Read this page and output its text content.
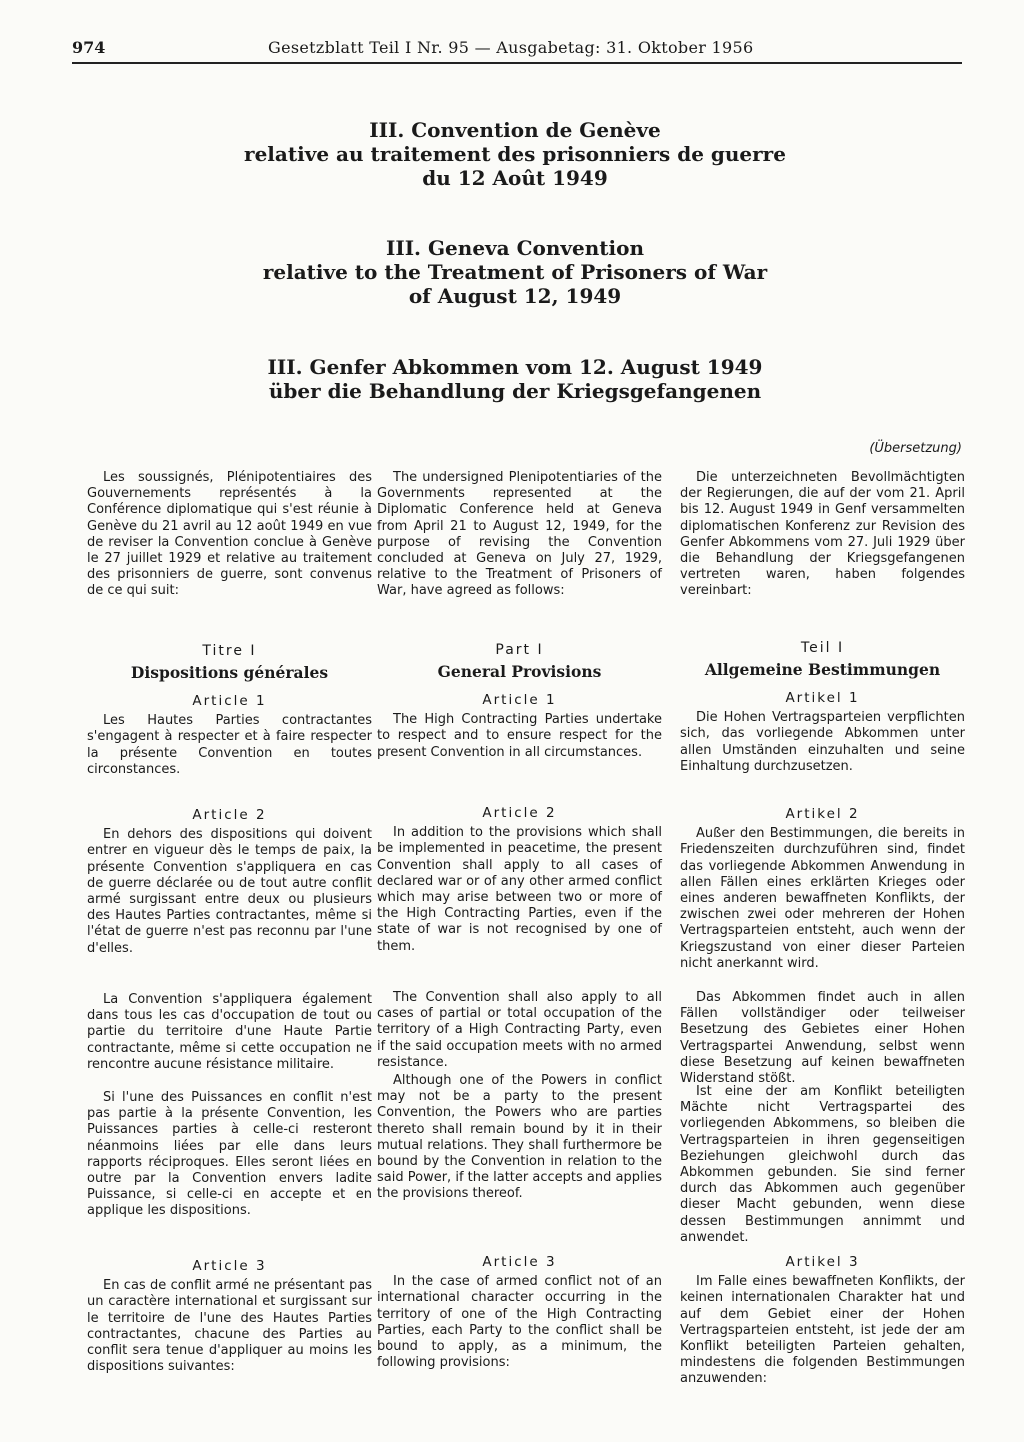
974	Gesetzblatt Teil I Nr. 95 — Ausgabetag: 31. Oktober 1956
III. Convention de Genève
relative au traitement des prisonniers de guerre
du 12 Août 1949
III. Geneva Convention
relative to the Treatment of Prisoners of War
of August 12, 1949
III. Genfer Abkommen vom 12. August 1949
über die Behandlung der Kriegsgefangenen
(Übersetzung)

Les soussignés, Plénipotentiaires des Gouvernements représentés à la Conférence diplomatique qui s'est réunie à Genève du 21 avril au 12 août 1949 en vue de reviser la Convention conclue à Genève le 27 juillet 1929 et relative au traitement des prisonniers de guerre, sont convenus de ce qui suit:

Titre I
Dispositions générales
Article 1

Les Hautes Parties contractantes s'engagent à respecter et à faire respecter la présente Convention en toutes circonstances.

Article 2

En dehors des dispositions qui doivent entrer en vigueur dès le temps de paix, la présente Convention s'appliquera en cas de guerre déclarée ou de tout autre conflit armé surgissant entre deux ou plusieurs des Hautes Parties contractantes, même si l'état de guerre n'est pas reconnu par l'une d'elles.

La Convention s'appliquera également dans tous les cas d'occupation de tout ou partie du territoire d'une Haute Partie contractante, même si cette occupation ne rencontre aucune résistance militaire.

Si l'une des Puissances en conflit n'est pas partie à la présente Convention, les Puissances parties à celle-ci resteront néanmoins liées par elle dans leurs rapports réciproques. Elles seront liées en outre par la Convention envers ladite Puissance, si celle-ci en accepte et en applique les dispositions.

Article 3

En cas de conflit armé ne présentant pas un caractère international et surgissant sur le territoire de l'une des Hautes Parties contractantes, chacune des Parties au conflit sera tenue d'appliquer au moins les dispositions suivantes:

The undersigned Plenipotentiaries of the Governments represented at the Diplomatic Conference held at Geneva from April 21 to August 12, 1949, for the purpose of revising the Convention concluded at Geneva on July 27, 1929, relative to the Treatment of Prisoners of War, have agreed as follows:

Part I
General Provisions
Article 1

The High Contracting Parties undertake to respect and to ensure respect for the present Convention in all circumstances.

Article 2

In addition to the provisions which shall be implemented in peacetime, the present Convention shall apply to all cases of declared war or of any other armed conflict which may arise between two or more of the High Contracting Parties, even if the state of war is not recognised by one of them.

The Convention shall also apply to all cases of partial or total occupation of the territory of a High Contracting Party, even if the said occupation meets with no armed resistance.

Although one of the Powers in conflict may not be a party to the present Convention, the Powers who are parties thereto shall remain bound by it in their mutual relations. They shall furthermore be bound by the Convention in relation to the said Power, if the latter accepts and applies the provisions thereof.

Article 3

In the case of armed conflict not of an international character occurring in the territory of one of the High Contracting Parties, each Party to the conflict shall be bound to apply, as a minimum, the following provisions:

Die unterzeichneten Bevollmächtigten der Regierungen, die auf der vom 21. April bis 12. August 1949 in Genf versammelten diplomatischen Konferenz zur Revision des Genfer Abkommens vom 27. Juli 1929 über die Behandlung der Kriegsgefangenen vertreten waren, haben folgendes vereinbart:

Teil I
Allgemeine Bestimmungen
Artikel 1

Die Hohen Vertragsparteien verpflichten sich, das vorliegende Abkommen unter allen Umständen einzuhalten und seine Einhaltung durchzusetzen.

Artikel 2

Außer den Bestimmungen, die bereits in Friedenszeiten durchzuführen sind, findet das vorliegende Abkommen Anwendung in allen Fällen eines erklärten Krieges oder eines anderen bewaffneten Konflikts, der zwischen zwei oder mehreren der Hohen Vertragsparteien entsteht, auch wenn der Kriegszustand von einer dieser Parteien nicht anerkannt wird.

Das Abkommen findet auch in allen Fällen vollständiger oder teilweiser Besetzung des Gebietes einer Hohen Vertragspartei Anwendung, selbst wenn diese Besetzung auf keinen bewaffneten Widerstand stößt.

Ist eine der am Konflikt beteiligten Mächte nicht Vertragspartei des vorliegenden Abkommens, so bleiben die Vertragsparteien in ihren gegenseitigen Beziehungen gleichwohl durch das Abkommen gebunden. Sie sind ferner durch das Abkommen auch gegenüber dieser Macht gebunden, wenn diese dessen Bestimmungen annimmt und anwendet.

Artikel 3

Im Falle eines bewaffneten Konflikts, der keinen internationalen Charakter hat und auf dem Gebiet einer der Hohen Vertragsparteien entsteht, ist jede der am Konflikt beteiligten Parteien gehalten, mindestens die folgenden Bestimmungen anzuwenden:
